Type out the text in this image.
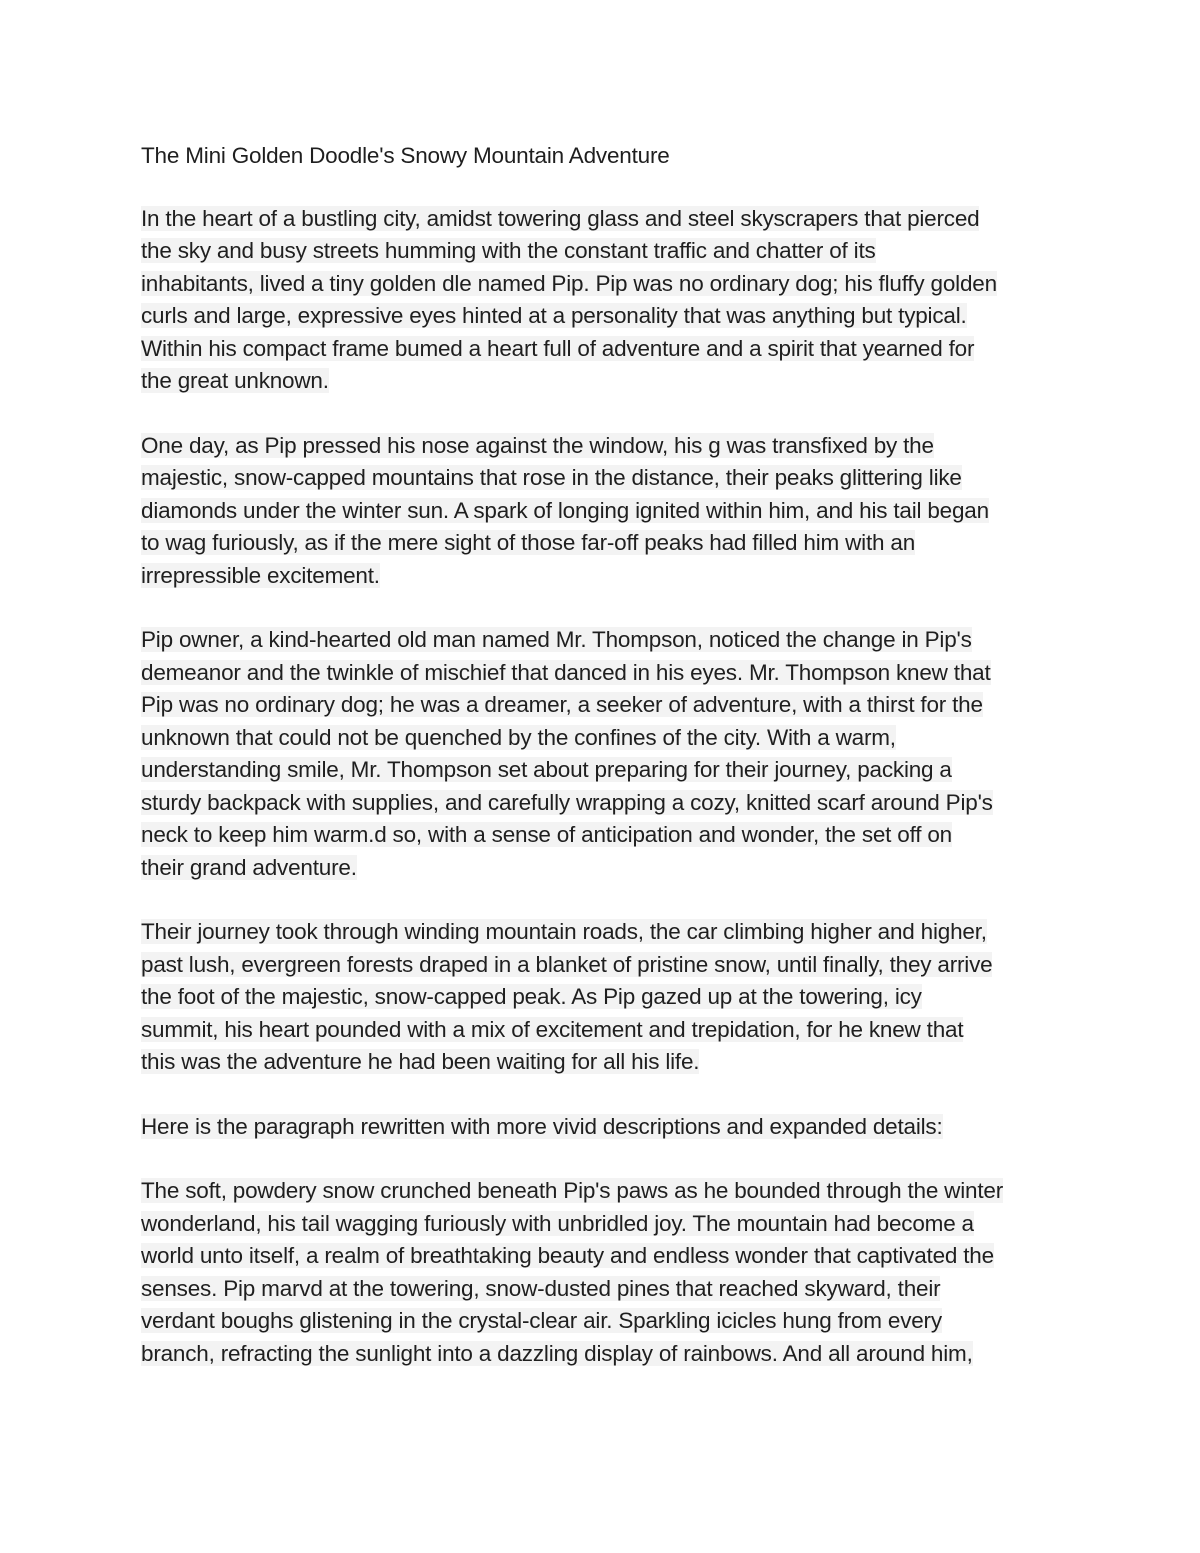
The Mini Golden Doodle's Snowy Mountain Adventure
In the heart of a bustling city, amidst towering glass and steel skyscrapers that pierced
the sky and busy streets humming with the constant traffic and chatter of its
inhabitants, lived a tiny golden dle named Pip. Pip was no ordinary dog; his fluffy golden
curls and large, expressive eyes hinted at a personality that was anything but typical.
Within his compact frame bumed a heart full of adventure and a spirit that yearned for
the great unknown.
One day, as Pip pressed his nose against the window, his g was transfixed by the
majestic, snow-capped mountains that rose in the distance, their peaks glittering like
diamonds under the winter sun. A spark of longing ignited within him, and his tail began
to wag furiously, as if the mere sight of those far-off peaks had filled him with an
irrepressible excitement.
Pip owner, a kind-hearted old man named Mr. Thompson, noticed the change in Pip's
demeanor and the twinkle of mischief that danced in his eyes. Mr. Thompson knew that
Pip was no ordinary dog; he was a dreamer, a seeker of adventure, with a thirst for the
unknown that could not be quenched by the confines of the city. With a warm,
understanding smile, Mr. Thompson set about preparing for their journey, packing a
sturdy backpack with supplies, and carefully wrapping a cozy, knitted scarf around Pip's
neck to keep him warm.d so, with a sense of anticipation and wonder, the set off on
their grand adventure.
Their journey took through winding mountain roads, the car climbing higher and higher,
past lush, evergreen forests draped in a blanket of pristine snow, until finally, they arrive
the foot of the majestic, snow-capped peak. As Pip gazed up at the towering, icy
summit, his heart pounded with a mix of excitement and trepidation, for he knew that
this was the adventure he had been waiting for all his life.
Here is the paragraph rewritten with more vivid descriptions and expanded details:
The soft, powdery snow crunched beneath Pip's paws as he bounded through the winter
wonderland, his tail wagging furiously with unbridled joy. The mountain had become a
world unto itself, a realm of breathtaking beauty and endless wonder that captivated the
senses. Pip marvd at the towering, snow-dusted pines that reached skyward, their
verdant boughs glistening in the crystal-clear air. Sparkling icicles hung from every
branch, refracting the sunlight into a dazzling display of rainbows. And all around him,
